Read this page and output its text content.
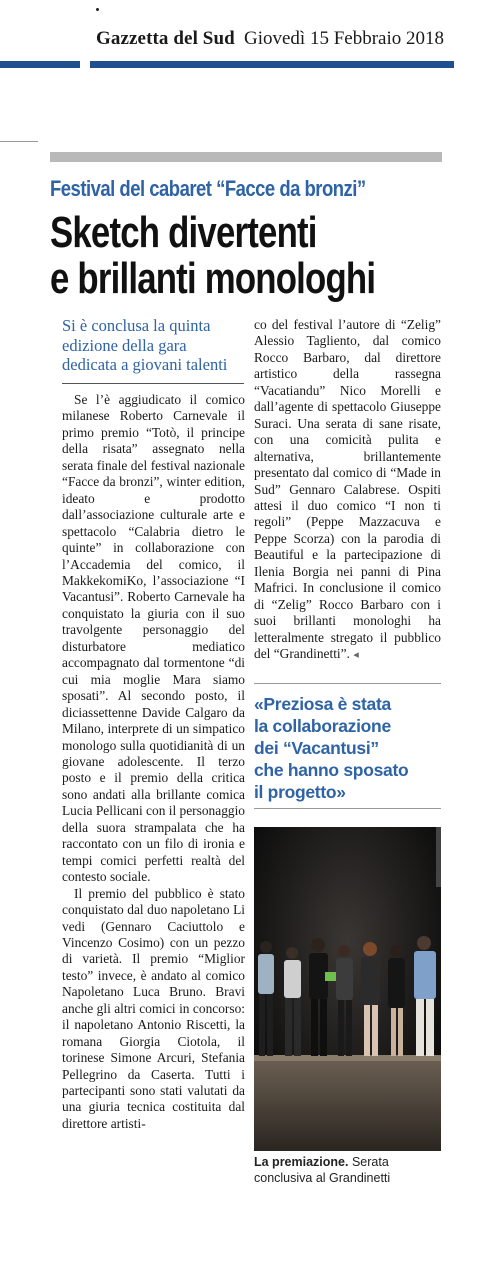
Gazzetta del Sud Giovedì 15 Febbraio 2018
Festival del cabaret “Facce da bronzi”
Sketch divertenti
e brillanti monologhi
Si è conclusa la quinta
edizione della gara
dedicata a giovani talenti

Se l’è aggiudicato il comico milanese Roberto Carnevale il primo premio “Totò, il principe della risata” assegnato nella serata finale del festival nazionale “Facce da bronzi”, winter edition, ideato e prodotto dall’associazione culturale arte e spettacolo “Calabria dietro le quinte” in collaborazione con l’Accademia del comico, il MakkekomiKo, l’associazione “I Vacantusi”. Roberto Carnevale ha conquistato la giuria con il suo travolgente personaggio del disturbatore mediatico accompagnato dal tormentone “di cui mia moglie Mara siamo sposati”. Al secondo posto, il diciassettenne Davide Calgaro da Milano, interprete di un simpatico monologo sulla quotidianità di un giovane adolescente. Il terzo posto e il premio della critica sono andati alla brillante comica Lucia Pellicani con il personaggio della suora strampalata che ha raccontato con un filo di ironia e tempi comici perfetti realtà del contesto sociale.

Il premio del pubblico è stato conquistato dal duo napoletano Li vedi (Gennaro Caciuttolo e Vincenzo Cosimo) con un pezzo di varietà. Il premio “Miglior testo” invece, è andato al comico Napoletano Luca Bruno. Bravi anche gli altri comici in concorso: il napoletano Antonio Riscetti, la romana Giorgia Ciotola, il torinese Simone Arcuri, Stefania Pellegrino da Caserta. Tutti i partecipanti sono stati valutati da una giuria tecnica costituita dal direttore artisti-

co del festival l’autore di “Zelig” Alessio Tagliento, dal comico Rocco Barbaro, dal direttore artistico della rassegna “Vacatiandu” Nico Morelli e dall’agente di spettacolo Giuseppe Suraci. Una serata di sane risate, con una comicità pulita e alternativa, brillantemente presentato dal comico di “Made in Sud” Gennaro Calabrese. Ospiti attesi il duo comico “I non ti regoli” (Peppe Mazzacuva e Peppe Scorza) con la parodia di Beautiful e la partecipazione di Ilenia Borgia nei panni di Pina Mafrici. In conclusione il comico di “Zelig” Rocco Barbaro con i suoi brillanti monologhi ha letteralmente stregato il pubblico del “Grandinetti”. ◂

«Preziosa è stata
la collaborazione
dei “Vacantusi”
che hanno sposato
il progetto»
La premiazione. Serata conclusiva al Grandinetti
